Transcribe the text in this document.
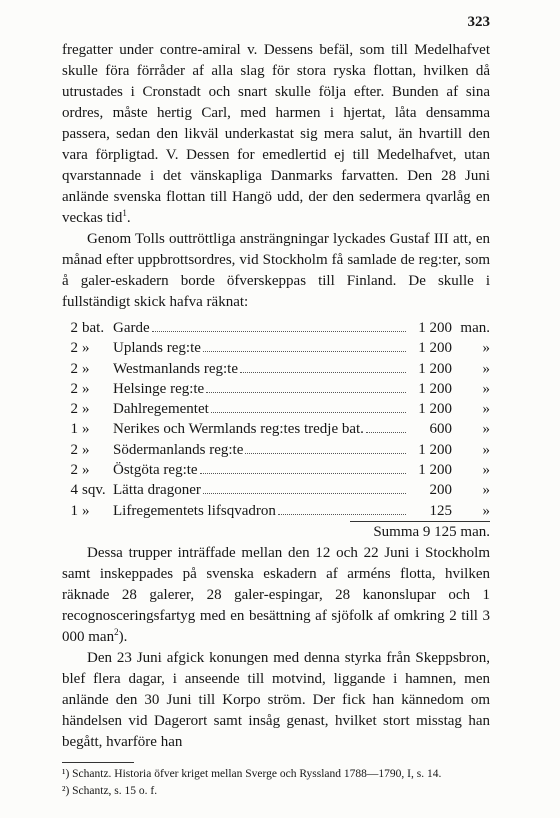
323

fregatter under contre-amiral v. Dessens befäl, som till Medelhafvet skulle föra förråder af alla slag för stora ryska flottan, hvilken då utrustades i Cronstadt och snart skulle följa efter. Bunden af sina ordres, måste hertig Carl, med harmen i hjertat, låta densamma passera, sedan den likväl underkastat sig mera salut, än hvartill den vara förpligtad. V. Dessen for emedlertid ej till Medelhafvet, utan qvarstannade i det vänskapliga Danmarks farvatten. Den 28 Juni anlände svenska flottan till Hangö udd, der den sedermera qvarlåg en veckas tid$^1$.

Genom Tolls outtröttliga ansträngningar lyckades Gustaf III att, en månad efter uppbrottsordres, vid Stockholm få samlade de reg:ter, som å galer-eskadern borde öfverskeppas till Finland. De skulle i fullständigt skick hafva räknat:

2 bat. Garde	1 200 man.
2 »	Uplands reg:te	1 200	»
2 »	Westmanlands reg:te	1 200	»
2 »	Helsinge reg:te	1 200	»
2 »	Dahlregementet	1 200	»
1 »	Nerikes och Wermlands reg:tes tredje bat.	600	»
2 »	Södermanlands reg:te	1 200	»
2 »	Östgöta reg:te	1 200	»
4 sqv. Lätta dragoner	200	»
1 »	Lifregementets lifsqvadron	125	»
Summa 9 125 man.

Dessa trupper inträffade mellan den 12 och 22 Juni i Stockholm samt inskeppades på svenska eskadern af arméns flotta, hvilken räknade 28 galerer, 28 galer-espingar, 28 kanonslupar och 1 recognosceringsfartyg med en besättning af sjöfolk af omkring 2 till 3 000 man$^2$).

Den 23 Juni afgick konungen med denna styrka från Skeppsbron, blef flera dagar, i anseende till motvind, liggande i hamnen, men anlände den 30 Juni till Korpo ström. Der fick han kännedom om händelsen vid Dagerort samt insåg genast, hvilket stort misstag han begått, hvarföre han

¹) Schantz. Historia öfver kriget mellan Sverge och Ryssland 1788—1790, I, s. 14.

²) Schantz, s. 15 o. f.
